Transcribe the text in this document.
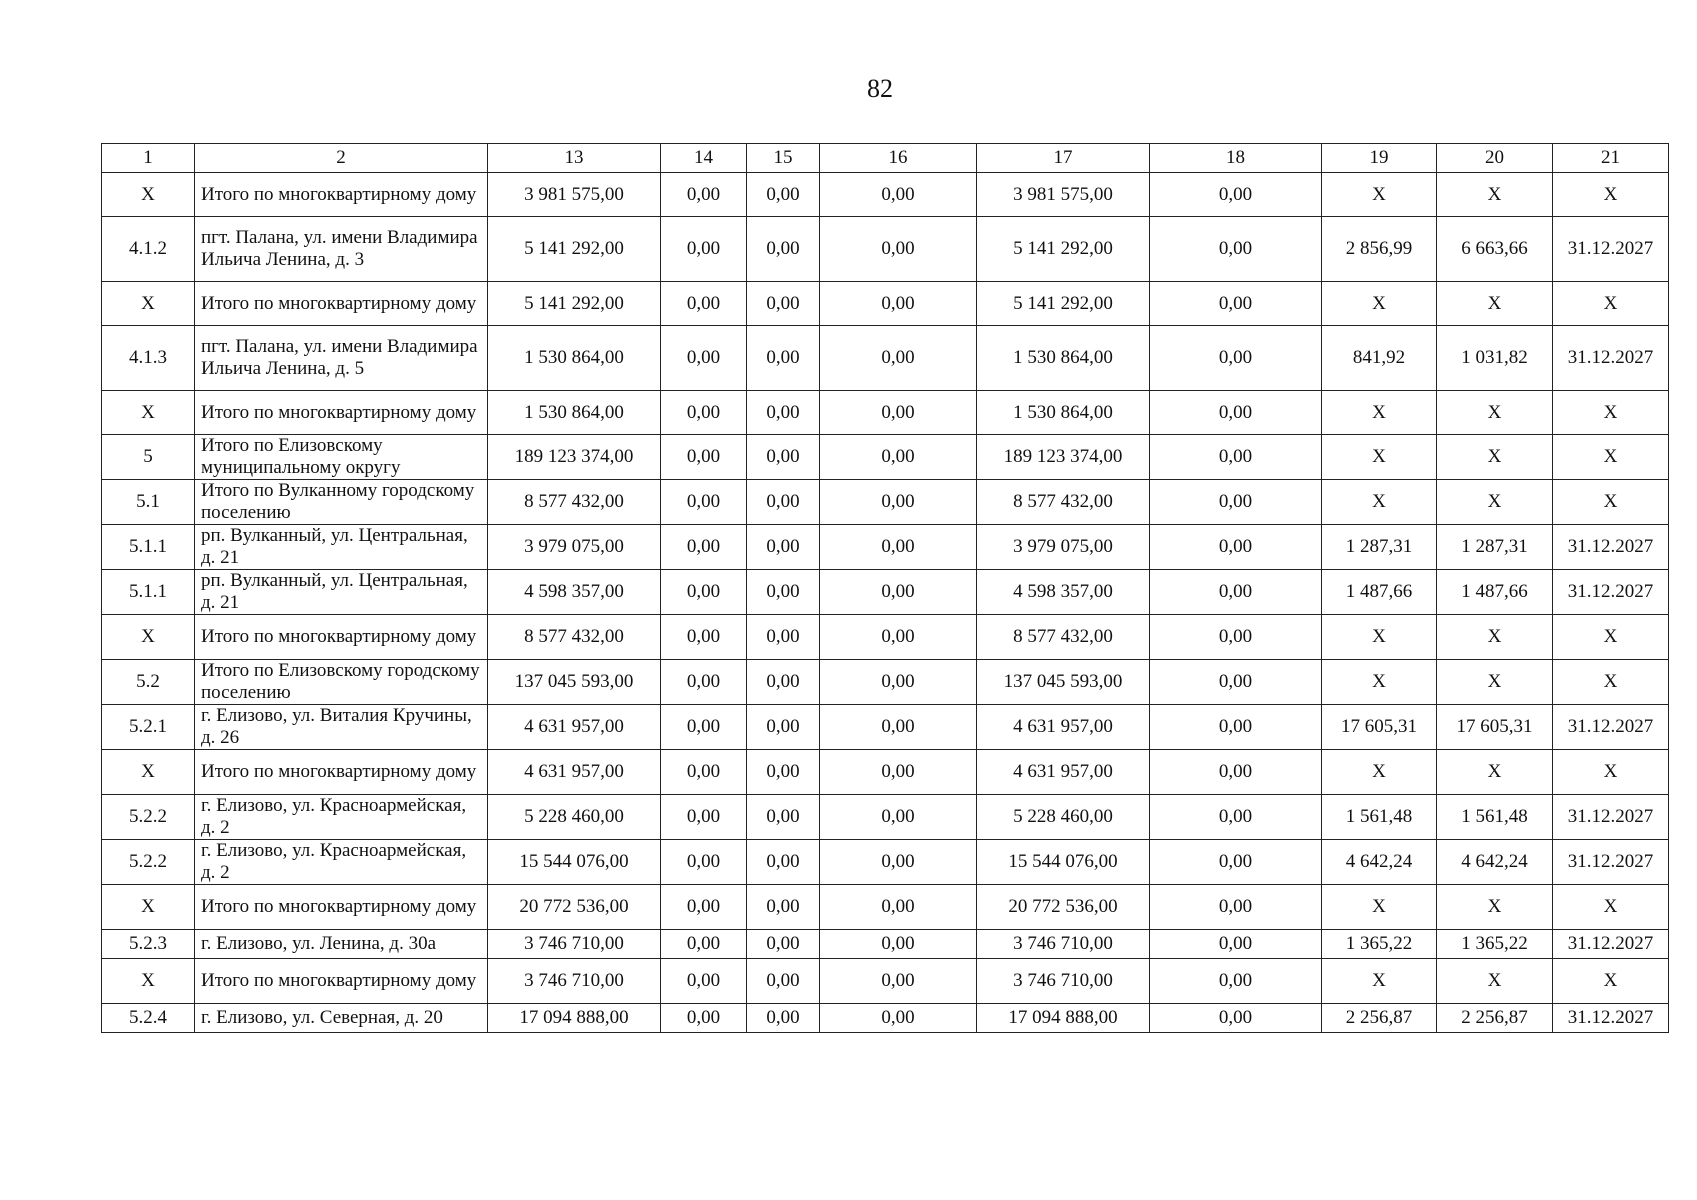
82
1	2	13	14	15	16	17	18	19	20	21
X	Итого по многоквартирному дому	3 981 575,00	0,00	0,00	0,00	3 981 575,00	0,00	X	X	X
4.1.2	пгт. Палана, ул. имени Владимира Ильича Ленина, д. 3	5 141 292,00	0,00	0,00	0,00	5 141 292,00	0,00	2 856,99	6 663,66	31.12.2027
X	Итого по многоквартирному дому	5 141 292,00	0,00	0,00	0,00	5 141 292,00	0,00	X	X	X
4.1.3	пгт. Палана, ул. имени Владимира Ильича Ленина, д. 5	1 530 864,00	0,00	0,00	0,00	1 530 864,00	0,00	841,92	1 031,82	31.12.2027
X	Итого по многоквартирному дому	1 530 864,00	0,00	0,00	0,00	1 530 864,00	0,00	X	X	X
5	Итого по Елизовскому муниципальному округу	189 123 374,00	0,00	0,00	0,00	189 123 374,00	0,00	X	X	X
5.1	Итого по Вулканному городскому поселению	8 577 432,00	0,00	0,00	0,00	8 577 432,00	0,00	X	X	X
5.1.1	рп. Вулканный, ул. Центральная, д. 21	3 979 075,00	0,00	0,00	0,00	3 979 075,00	0,00	1 287,31	1 287,31	31.12.2027
5.1.1	рп. Вулканный, ул. Центральная, д. 21	4 598 357,00	0,00	0,00	0,00	4 598 357,00	0,00	1 487,66	1 487,66	31.12.2027
X	Итого по многоквартирному дому	8 577 432,00	0,00	0,00	0,00	8 577 432,00	0,00	X	X	X
5.2	Итого по Елизовскому городскому поселению	137 045 593,00	0,00	0,00	0,00	137 045 593,00	0,00	X	X	X
5.2.1	г. Елизово, ул. Виталия Кручины, д. 26	4 631 957,00	0,00	0,00	0,00	4 631 957,00	0,00	17 605,31	17 605,31	31.12.2027
X	Итого по многоквартирному дому	4 631 957,00	0,00	0,00	0,00	4 631 957,00	0,00	X	X	X
5.2.2	г. Елизово, ул. Красноармейская, д. 2	5 228 460,00	0,00	0,00	0,00	5 228 460,00	0,00	1 561,48	1 561,48	31.12.2027
5.2.2	г. Елизово, ул. Красноармейская, д. 2	15 544 076,00	0,00	0,00	0,00	15 544 076,00	0,00	4 642,24	4 642,24	31.12.2027
X	Итого по многоквартирному дому	20 772 536,00	0,00	0,00	0,00	20 772 536,00	0,00	X	X	X
5.2.3	г. Елизово, ул. Ленина, д. 30а	3 746 710,00	0,00	0,00	0,00	3 746 710,00	0,00	1 365,22	1 365,22	31.12.2027
X	Итого по многоквартирному дому	3 746 710,00	0,00	0,00	0,00	3 746 710,00	0,00	X	X	X
5.2.4	г. Елизово, ул. Северная, д. 20	17 094 888,00	0,00	0,00	0,00	17 094 888,00	0,00	2 256,87	2 256,87	31.12.2027
